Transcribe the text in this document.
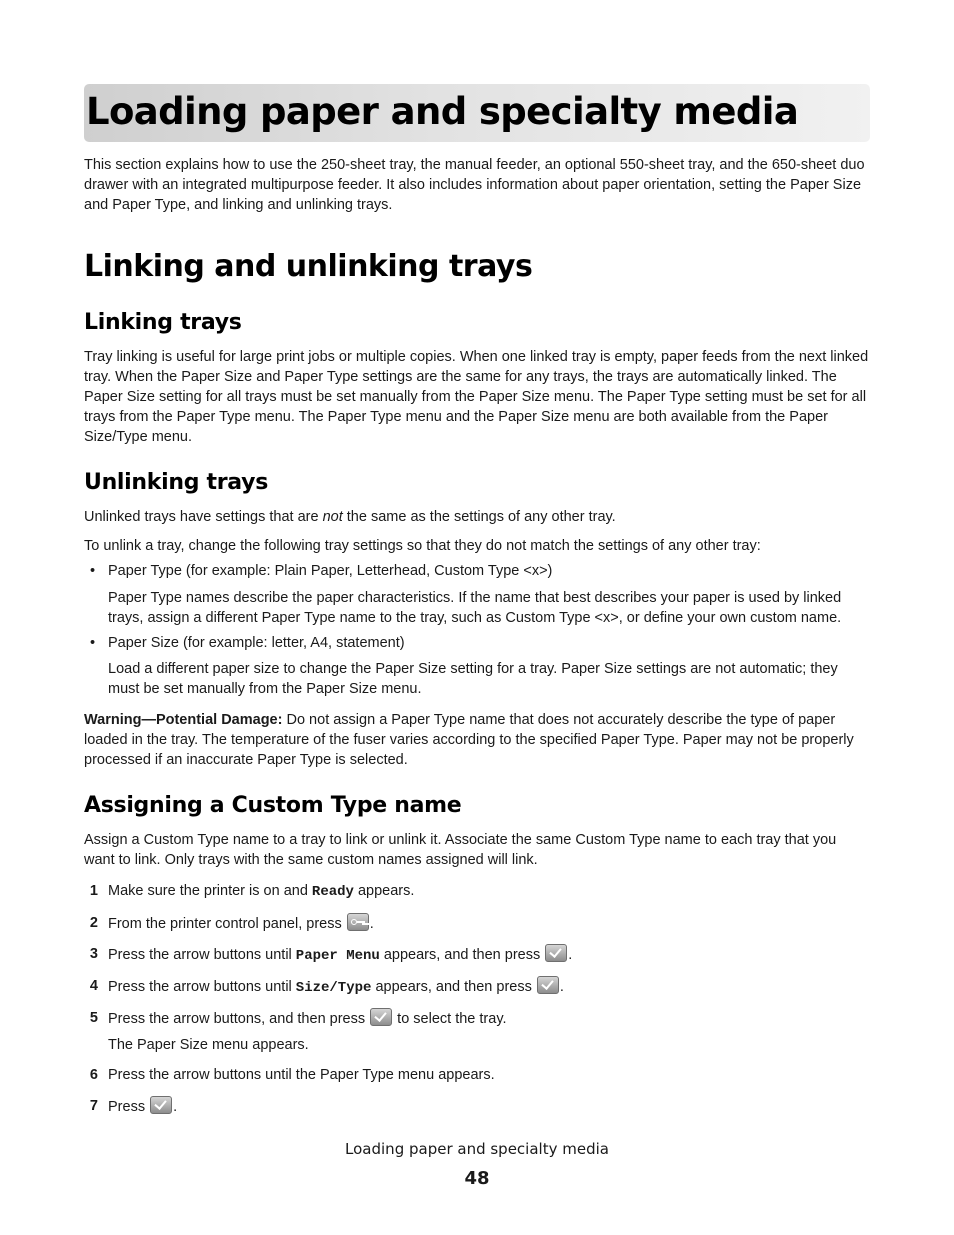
Loading paper and specialty media

This section explains how to use the 250-sheet tray, the manual feeder, an optional 550-sheet tray, and the 650-sheet duo drawer with an integrated multipurpose feeder. It also includes information about paper orientation, setting the Paper Size and Paper Type, and linking and unlinking trays.

Linking and unlinking trays
Linking trays

Tray linking is useful for large print jobs or multiple copies. When one linked tray is empty, paper feeds from the next linked tray. When the Paper Size and Paper Type settings are the same for any trays, the trays are automatically linked. The Paper Size setting for all trays must be set manually from the Paper Size menu. The Paper Type setting must be set for all trays from the Paper Type menu. The Paper Type menu and the Paper Size menu are both available from the Paper Size/Type menu.

Unlinking trays

Unlinked trays have settings that are not the same as the settings of any other tray.

To unlink a tray, change the following tray settings so that they do not match the settings of any other tray:

• Paper Type (for example: Plain Paper, Letterhead, Custom Type <x>)

Paper Type names describe the paper characteristics. If the name that best describes your paper is used by linked trays, assign a different Paper Type name to the tray, such as Custom Type <x>, or define your own custom name.

• Paper Size (for example: letter, A4, statement)

Load a different paper size to change the Paper Size setting for a tray. Paper Size settings are not automatic; they must be set manually from the Paper Size menu.

Warning—Potential Damage: Do not assign a Paper Type name that does not accurately describe the type of paper loaded in the tray. The temperature of the fuser varies according to the specified Paper Type. Paper may not be properly processed if an inaccurate Paper Type is selected.

Assigning a Custom Type name

Assign a Custom Type name to a tray to link or unlink it. Associate the same Custom Type name to each tray that you want to link. Only trays with the same custom names assigned will link.

1 Make sure the printer is on and Ready appears.
2 From the printer control panel, press .
3 Press the arrow buttons until Paper Menu appears, and then press .
4 Press the arrow buttons until Size/Type appears, and then press .
5 Press the arrow buttons, and then press  to select the tray.

The Paper Size menu appears.

6 Press the arrow buttons until the Paper Type menu appears.
7 Press .
Loading paper and specialty media
48
